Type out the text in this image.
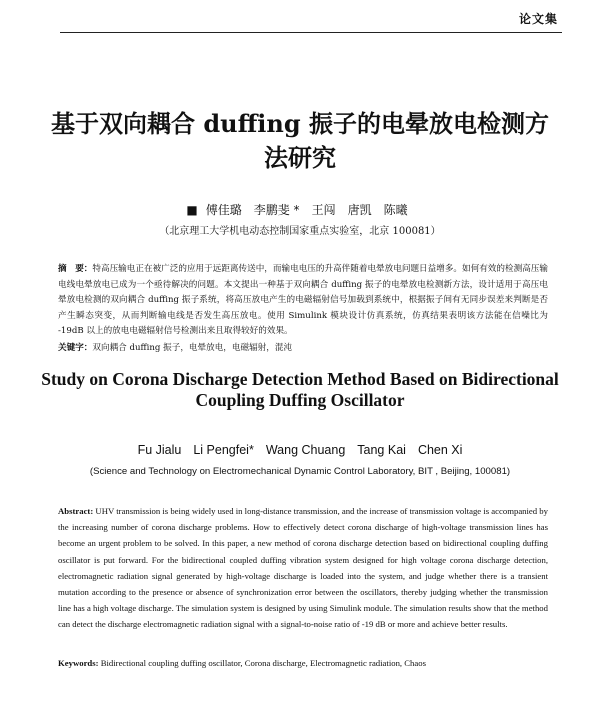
论文集
基于双向耦合 duffing 振子的电晕放电检测方法研究
■ 傅佳璐 李鹏斐 * 王闯 唐凯 陈曦
（北京理工大学机电动态控制国家重点实验室，北京 100081）
摘　要：特高压输电正在被广泛的应用于远距离传送中，而输电电压的升高伴随着电晕放电问题日益增多。如何有效的检测高压输电线电晕放电已成为一个亟待解决的问题。本文提出一种基于双向耦合 duffing 振子的电晕放电检测新方法，设计适用于高压电晕放电检测的双向耦合 duffing 振子系统，将高压放电产生的电磁辐射信号加载到系统中，根据振子间有无同步误差来判断是否产生瞬态突变，从而判断输电线是否发生高压放电。使用 Simulink 模块设计仿真系统，仿真结果表明该方法能在信噪比为 -19dB 以上的放电电磁辐射信号检测出来且取得较好的效果。
关键字：双向耦合 duffing 振子，电晕放电，电磁辐射，混沌
Study on Corona Discharge Detection Method Based on Bidirectional Coupling Duffing Oscillator
Fu Jialu Li Pengfei* Wang Chuang Tang Kai Chen Xi
(Science and Technology on Electromechanical Dynamic Control Laboratory, BIT , Beijing, 100081)
Abstract: UHV transmission is being widely used in long-distance transmission, and the increase of transmission voltage is accompanied by the increasing number of corona discharge problems. How to effectively detect corona discharge of high-voltage transmission lines has become an urgent problem to be solved. In this paper, a new method of corona discharge detection based on bidirectional coupling duffing oscillator is put forward. For the bidirectional coupled duffing vibration system designed for high voltage corona discharge detection, electromagnetic radiation signal generated by high-voltage discharge is loaded into the system, and judge whether there is a transient mutation according to the presence or absence of synchronization error between the oscillators, thereby judging whether the transmission line has a high voltage discharge. The simulation system is designed by using Simulink module. The simulation results show that the method can detect the discharge electromagnetic radiation signal with a signal-to-noise ratio of -19 dB or more and achieve better results.
Keywords: Bidirectional coupling duffing oscillator, Corona discharge, Electromagnetic radiation, Chaos
